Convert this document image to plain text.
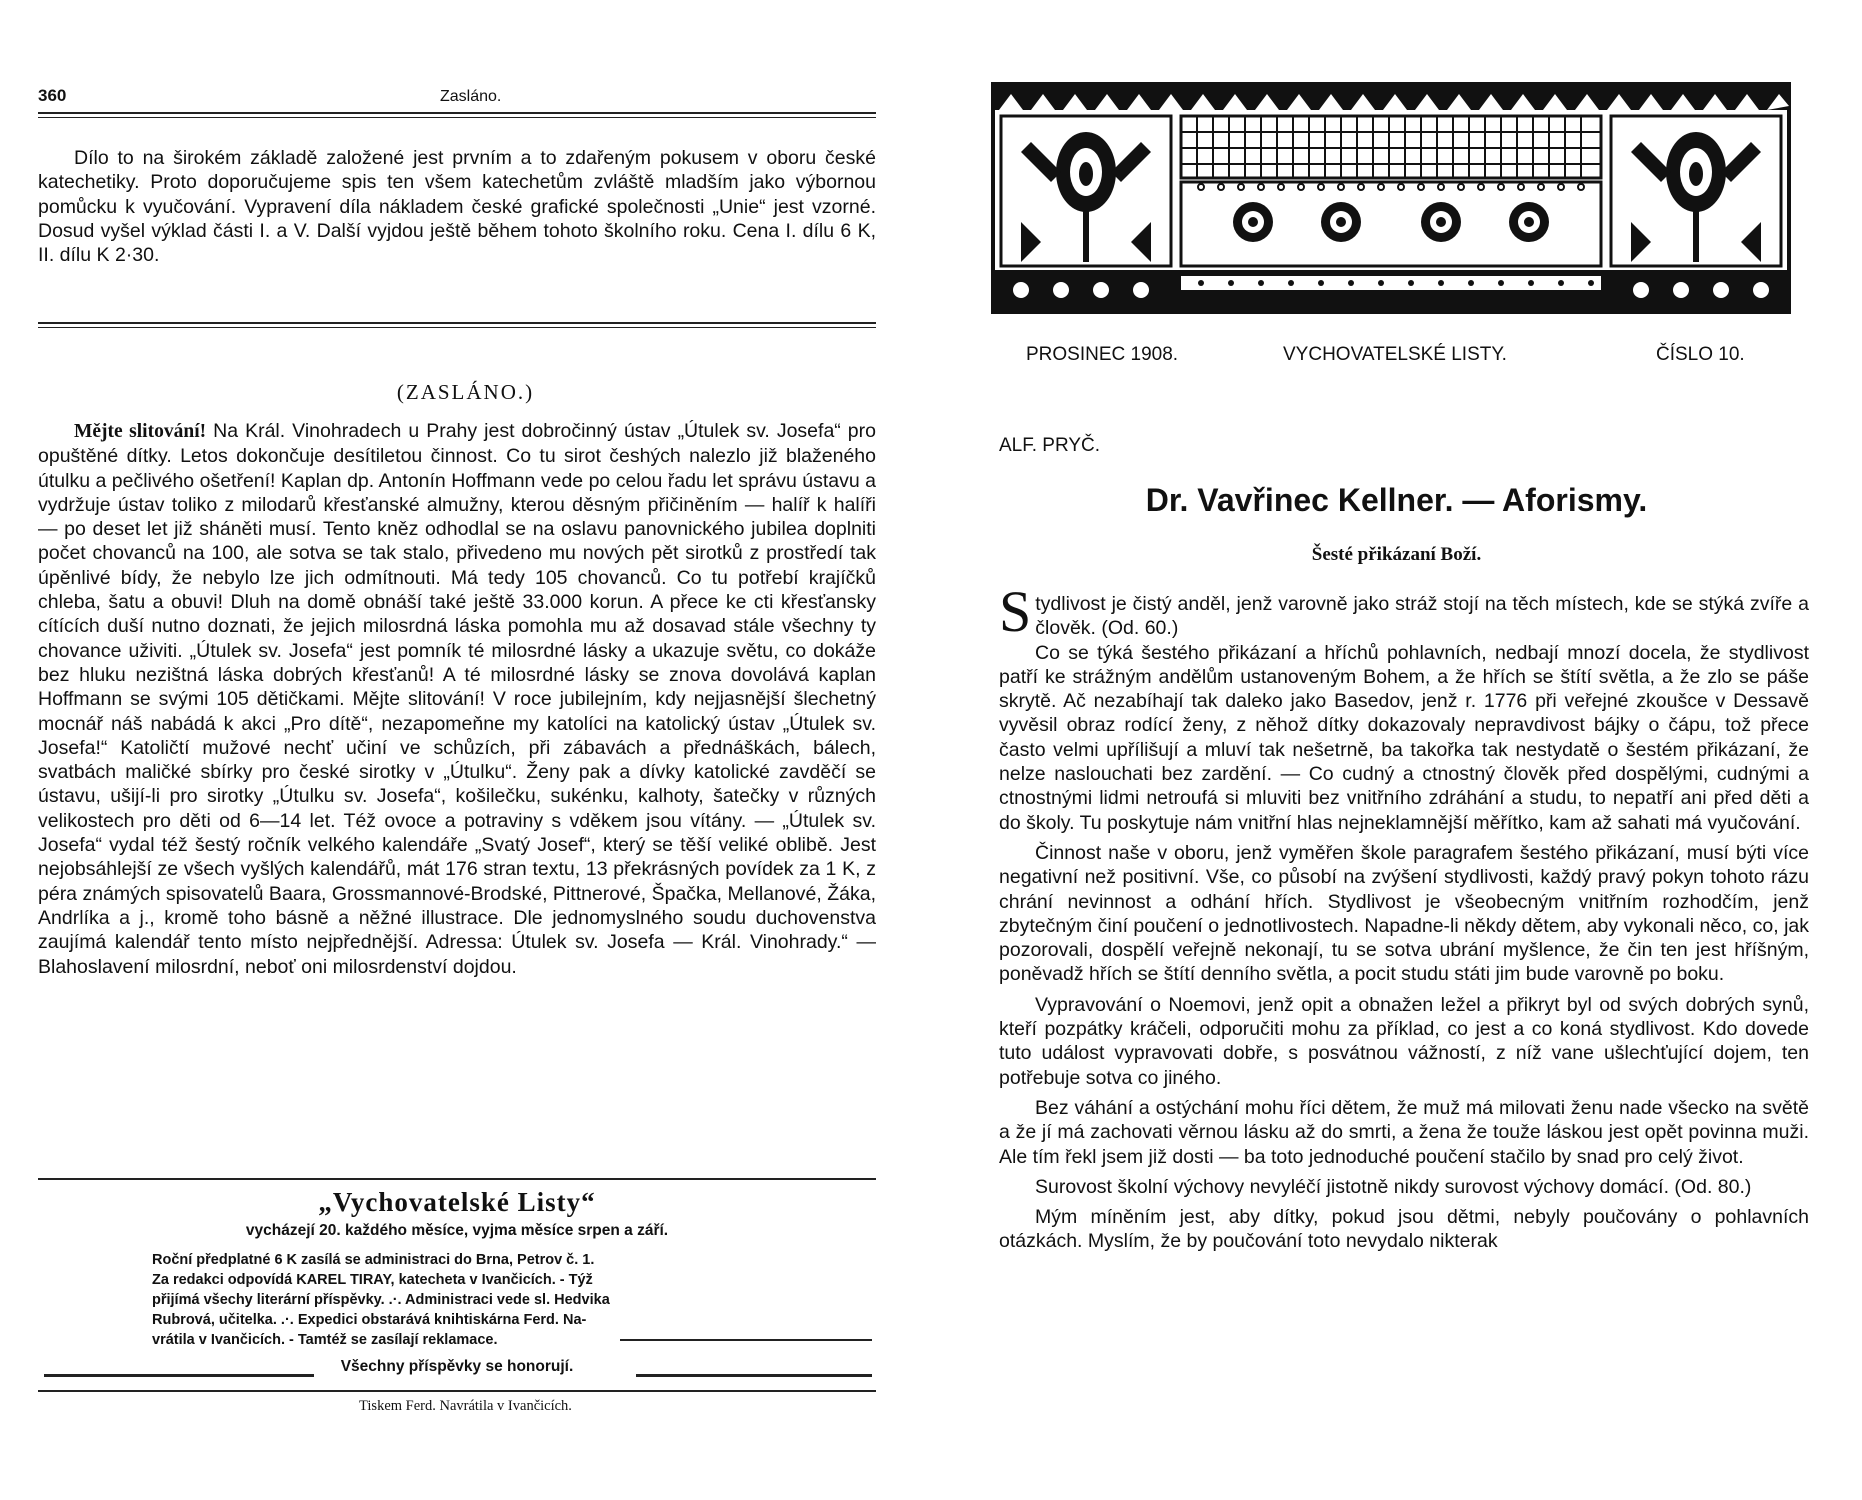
360	Zasláno.

Dílo to na širokém základě založené jest prvním a to zdařeným pokusem v oboru české katechetiky. Proto doporučujeme spis ten všem katechetům zvláště mladším jako výbornou pomůcku k vyučování. Vypravení díla nákladem české grafické společnosti „Unie“ jest vzorné. Dosud vyšel výklad části I. a V. Další vyjdou ještě během tohoto školního roku. Cena I. dílu 6 K, II. dílu K 2·30.

(ZASLÁNO.)

Mějte slitování! Na Král. Vinohradech u Prahy jest dobročinný ústav „Útulek sv. Josefa“ pro opuštěné dítky. Letos dokončuje desítiletou činnost. Co tu sirot česhých nalezlo již blaženého útulku a pečlivého ošetření! Kaplan dp. Antonín Hoffmann vede po celou řadu let správu ústavu a vydržuje ústav toliko z milodarů křesťanské almužny, kterou děsným přičiněním — halíř k halíři — po deset let již sháněti musí. Tento kněz odhodlal se na oslavu panovnického jubilea doplniti počet chovanců na 100, ale sotva se tak stalo, přivedeno mu nových pět sirotků z prostředí tak úpěnlivé bídy, že nebylo lze jich odmítnouti. Má tedy 105 chovanců. Co tu potřebí krajíčků chleba, šatu a obuvi! Dluh na domě obnáší také ještě 33.000 korun. A přece ke cti křesťansky cítících duší nutno doznati, že jejich milosrdná láska pomohla mu až dosavad stále všechny ty chovance uživiti. „Útulek sv. Josefa“ jest pomník té milosrdné lásky a ukazuje světu, co dokáže bez hluku nezištná láska dobrých křesťanů! A té milosrdné lásky se znova dovolává kaplan Hoffmann se svými 105 dětičkami. Mějte slitování! V roce jubilejním, kdy nejjasnější šlechetný mocnář náš nabádá k akci „Pro dítě“, nezapomeňne my katolíci na katolický ústav „Útulek sv. Josefa!“ Katoličtí mužové nechť učiní ve schůzích, při zábavách a přednáškách, bálech, svatbách maličké sbírky pro české sirotky v „Útulku“. Ženy pak a dívky katolické zavděčí se ústavu, ušijí-li pro sirotky „Útulku sv. Josefa“, košilečku, sukénku, kalhoty, šatečky v různých velikostech pro děti od 6—14 let. Též ovoce a potraviny s vděkem jsou vítány. — „Útulek sv. Josefa“ vydal též šestý ročník velkého kalendáře „Svatý Josef“, který se těší veliké oblibě. Jest nejobsáhlejší ze všech vyšlých kalendářů, mát 176 stran textu, 13 překrásných povídek za 1 K, z péra známých spisovatelů Baara, Grossmannové-Brodské, Pittnerové, Špačka, Mellanové, Žáka, Andrlíka a j., kromě toho básně a něžné illustrace. Dle jednomyslného soudu duchovenstva zaujímá kalendář tento místo nejpřednější. Adressa: Útulek sv. Josefa — Král. Vinohrady.“ — Blahoslavení milosrdní, neboť oni milosrdenství dojdou.

„Vychovatelské Listy“
vycházejí 20. každého měsíce, vyjma měsíce srpen a září.
Roční předplatné 6 K zasílá se administraci do Brna, Petrov č. 1.
Za redakci odpovídá KAREL TIRAY, katecheta v Ivančicích. - Týž
přijímá všechy literární příspěvky. .·. Administraci vede sl. Hedvika
Rubrová, učitelka. .·. Expedici obstarává knihtiskárna Ferd. Na-
vrátila v Ivančicích. - Tamtéž se zasílají reklamace.
Všechny příspěvky se honorují.
Tiskem Ferd. Navrátila v Ivančicích.
PROSINEC 1908.	VYCHOVATELSKÉ LISTY.	ČÍSLO 10.
ALF. PRYČ.
Dr. Vavřinec Kellner. — Aforismy.
Šesté přikázaní Boží.

Stydlivost je čistý anděl, jenž varovně jako stráž stojí na těch místech, kde se stýká zvíře a člověk. (Od. 60.)

Co se týká šestého přikázaní a hříchů pohlavních, nedbají mnozí docela, že stydlivost patří ke strážným andělům ustanoveným Bohem, a že hřích se štítí světla, a že zlo se páše skrytě. Ač nezabíhají tak daleko jako Basedov, jenž r. 1776 při veřejné zkoušce v Dessavě vyvěsil obraz rodící ženy, z něhož dítky dokazovaly nepravdivost bájky o čápu, tož přece často velmi upřílišují a mluví tak nešetrně, ba takořka tak nestydatě o šestém přikázaní, že nelze naslouchati bez zardění. — Co cudný a ctnostný člověk před dospělými, cudnými a ctnostnými lidmi netroufá si mluviti bez vnitřního zdráhání a studu, to nepatří ani před děti a do školy. Tu poskytuje nám vnitřní hlas nejneklamnější měřítko, kam až sahati má vyučování.

Činnost naše v oboru, jenž vyměřen škole paragrafem šestého přikázaní, musí býti více negativní než positivní. Vše, co působí na zvýšení stydlivosti, každý pravý pokyn tohoto rázu chrání nevinnost a odhání hřích. Stydlivost je všeobecným vnitřním rozhodčím, jenž zbytečným činí poučení o jednotlivostech. Napadne-li někdy dětem, aby vykonali něco, co, jak pozorovali, dospělí veřejně nekonají, tu se sotva ubrání myšlence, že čin ten jest hříšným, poněvadž hřích se štítí denního světla, a pocit studu státi jim bude varovně po boku.

Vypravování o Noemovi, jenž opit a obnažen ležel a přikryt byl od svých dobrých synů, kteří pozpátky kráčeli, odporučiti mohu za příklad, co jest a co koná stydlivost. Kdo dovede tuto událost vypravovati dobře, s posvátnou vážností, z níž vane ušlechťující dojem, ten potřebuje sotva co jiného.

Bez váhání a ostýchání mohu říci dětem, že muž má milovati ženu nade všecko na světě a že jí má zachovati věrnou lásku až do smrti, a žena že touže láskou jest opět povinna muži. Ale tím řekl jsem již dosti — ba toto jednoduché poučení stačilo by snad pro celý život.

Surovost školní výchovy nevyléčí jistotně nikdy surovost výchovy domácí. (Od. 80.)

Mým míněním jest, aby dítky, pokud jsou dětmi, nebyly poučovány o pohlavních otázkách. Myslím, že by poučování toto nevydalo nikterak
